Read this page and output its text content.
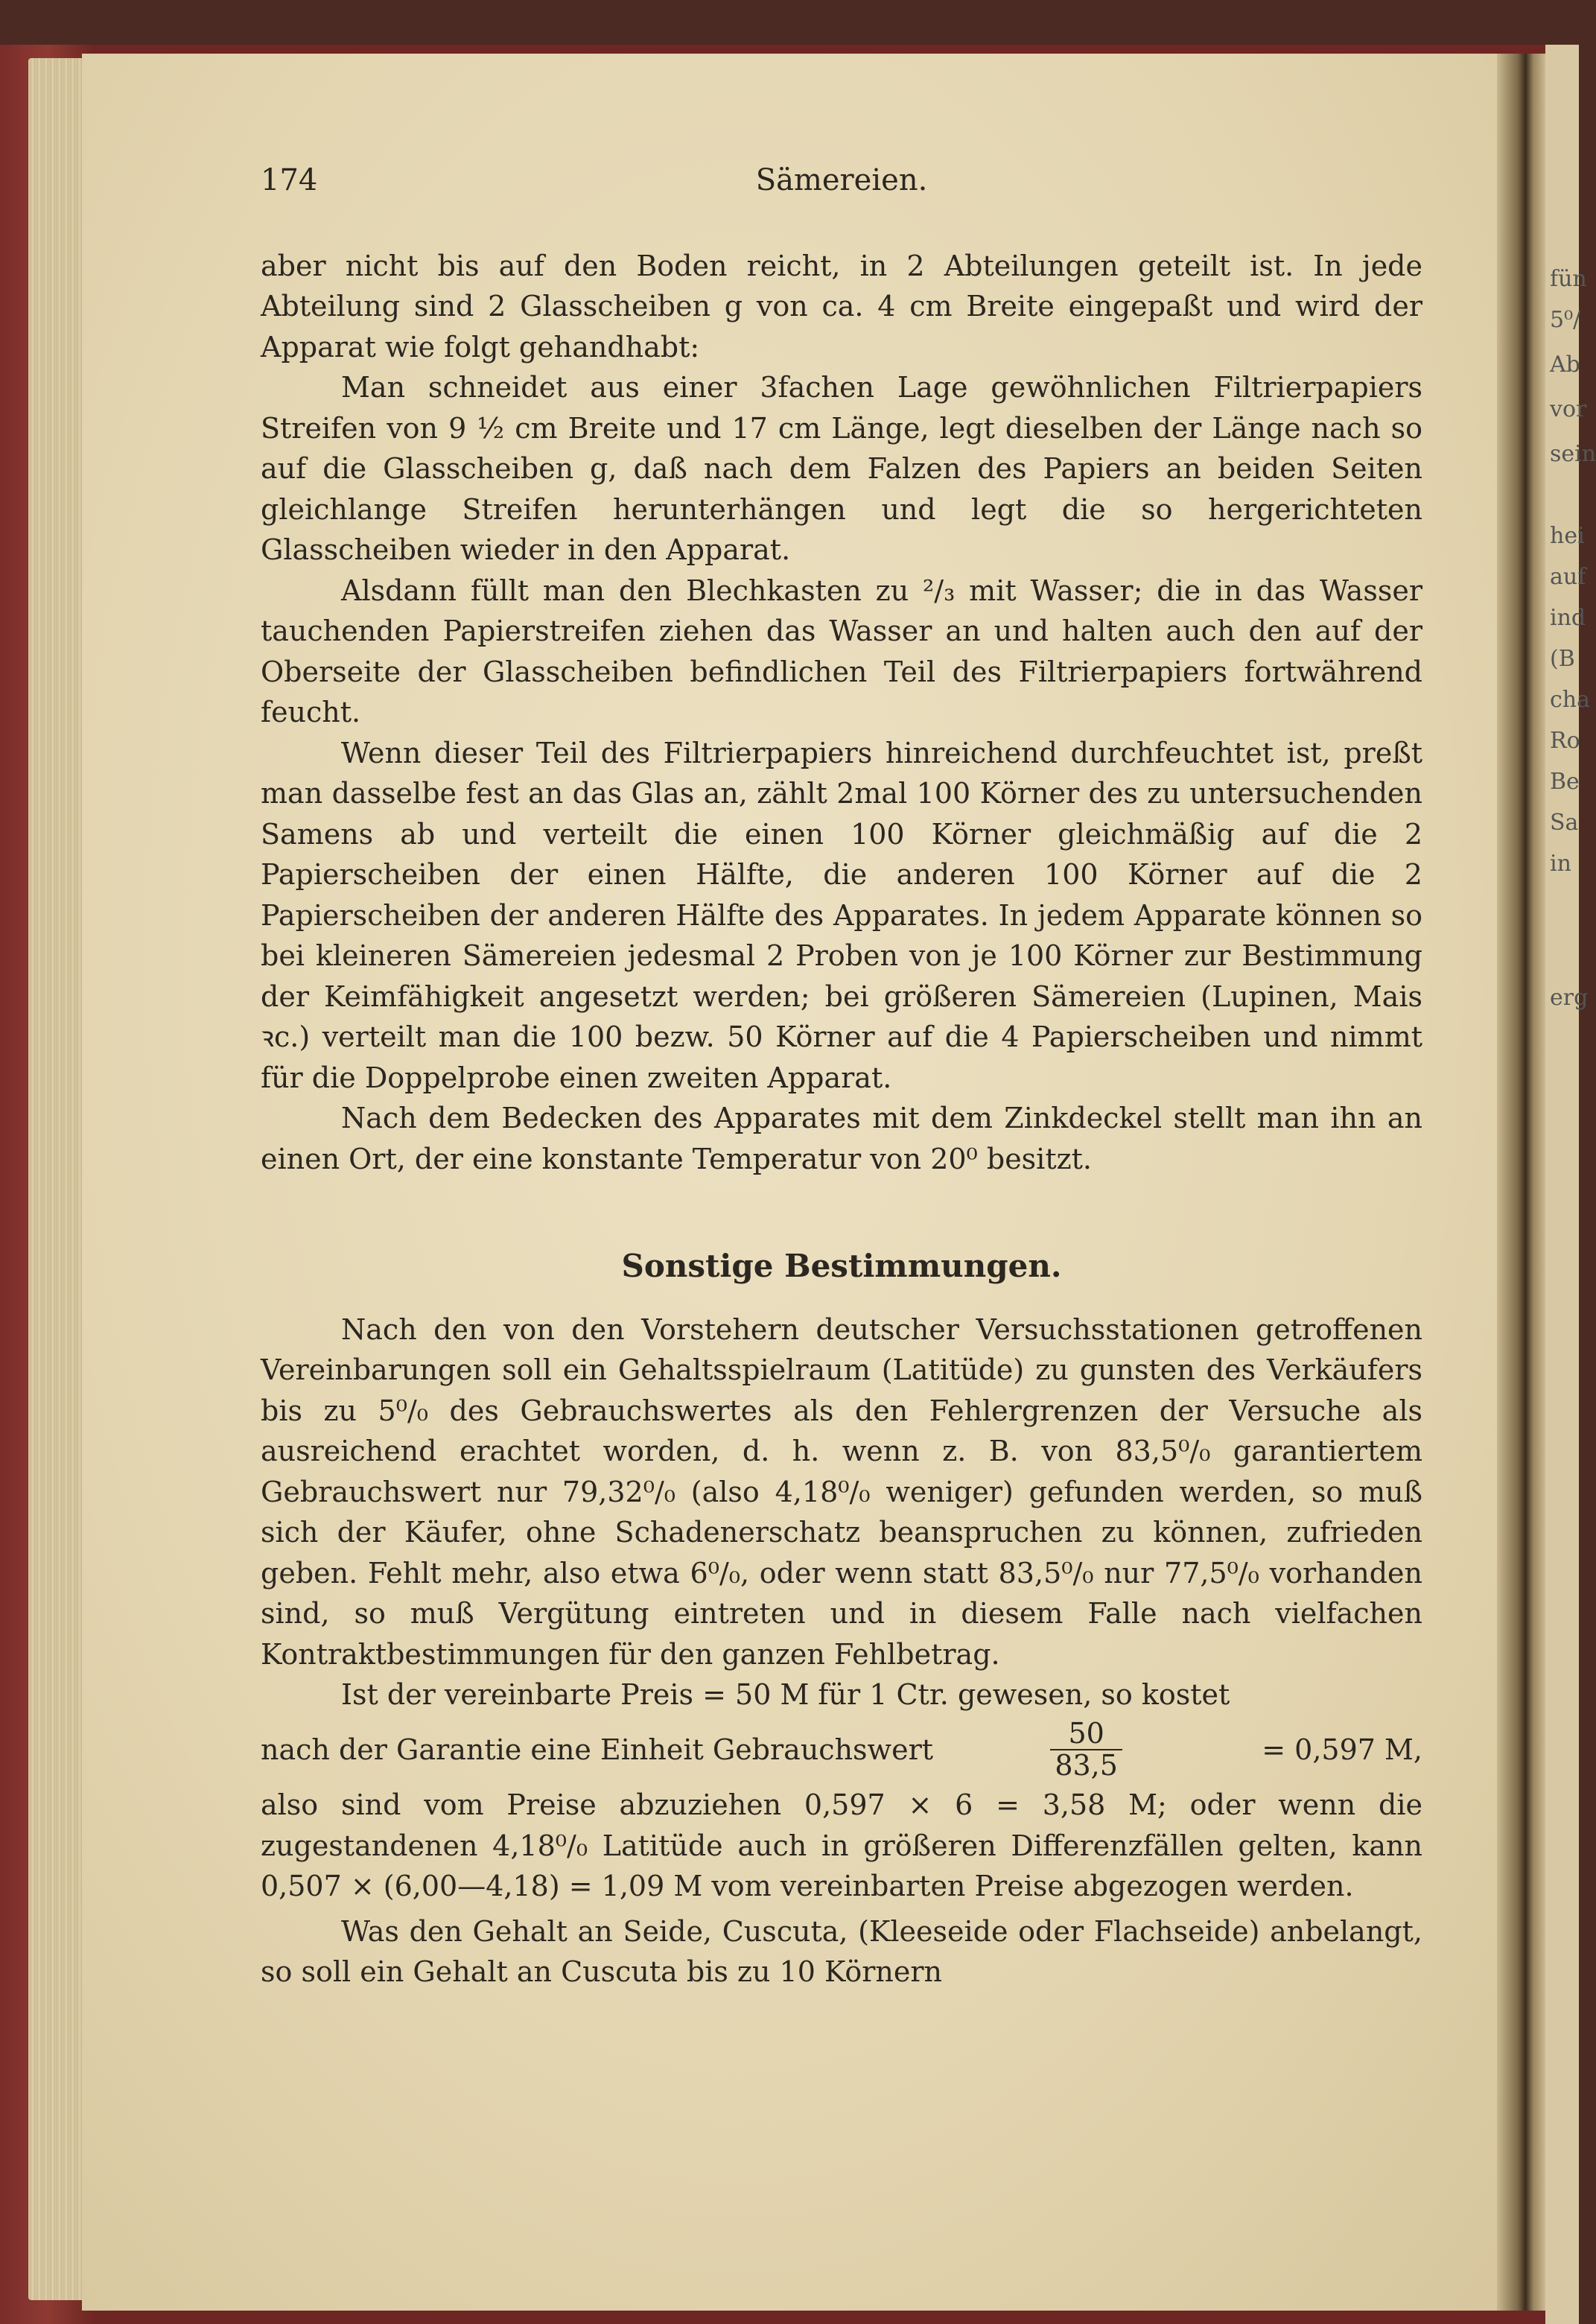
fün
5⁰/
Ab
vor
sein
hei
auf
ind
(B
cha
Ro
Be
Sa
in
erg
174	Sämereien.

aber nicht bis auf den Boden reicht, in 2 Abteilungen geteilt ist. In jede Abteilung sind 2 Glasscheiben g von ca. 4 cm Breite eingepaßt und wird der Apparat wie folgt gehandhabt:

Man schneidet aus einer 3fachen Lage gewöhnlichen Filtrierpapiers Streifen von 9 ½ cm Breite und 17 cm Länge, legt dieselben der Länge nach so auf die Glasscheiben g, daß nach dem Falzen des Papiers an beiden Seiten gleichlange Streifen herunterhängen und legt die so hergerichteten Glasscheiben wieder in den Apparat.

Alsdann füllt man den Blechkasten zu ²/₃ mit Wasser; die in das Wasser tauchenden Papierstreifen ziehen das Wasser an und halten auch den auf der Oberseite der Glasscheiben befindlichen Teil des Filtrierpapiers fortwährend feucht.

Wenn dieser Teil des Filtrierpapiers hinreichend durchfeuchtet ist, preßt man dasselbe fest an das Glas an, zählt 2mal 100 Körner des zu untersuchenden Samens ab und verteilt die einen 100 Körner gleichmäßig auf die 2 Papierscheiben der einen Hälfte, die anderen 100 Körner auf die 2 Papierscheiben der anderen Hälfte des Apparates. In jedem Apparate können so bei kleineren Sämereien jedesmal 2 Proben von je 100 Körner zur Bestimmung der Keimfähigkeit angesetzt werden; bei größeren Sämereien (Lupinen, Mais ꝛc.) verteilt man die 100 bezw. 50 Körner auf die 4 Papierscheiben und nimmt für die Doppelprobe einen zweiten Apparat.

Nach dem Bedecken des Apparates mit dem Zinkdeckel stellt man ihn an einen Ort, der eine konstante Temperatur von 20⁰ besitzt.

Sonstige Bestimmungen.

Nach den von den Vorstehern deutscher Versuchsstationen getroffenen Vereinbarungen soll ein Gehaltsspielraum (Latitüde) zu gunsten des Verkäufers bis zu 5⁰/₀ des Gebrauchswertes als den Fehlergrenzen der Versuche als ausreichend erachtet worden, d. h. wenn z. B. von 83,5⁰/₀ garantiertem Gebrauchswert nur 79,32⁰/₀ (also 4,18⁰/₀ weniger) gefunden werden, so muß sich der Käufer, ohne Schadenerschatz beanspruchen zu können, zufrieden geben. Fehlt mehr, also etwa 6⁰/₀, oder wenn statt 83,5⁰/₀ nur 77,5⁰/₀ vorhanden sind, so muß Vergütung eintreten und in diesem Falle nach vielfachen Kontraktbestimmungen für den ganzen Fehlbetrag.

Ist der vereinbarte Preis = 50 M für 1 Ctr. gewesen, so kostet

nach der Garantie eine Einheit Gebrauchswert	$\frac{50}{83,5}$	= 0,597 M,

also sind vom Preise abzuziehen 0,597 × 6 = 3,58 M; oder wenn die zugestandenen 4,18⁰/₀ Latitüde auch in größeren Differenzfällen gelten, kann 0,507 × (6,00—4,18) = 1,09 M vom vereinbarten Preise abgezogen werden.

Was den Gehalt an Seide, Cuscuta, (Kleeseide oder Flachseide) anbelangt, so soll ein Gehalt an Cuscuta bis zu 10 Körnern
